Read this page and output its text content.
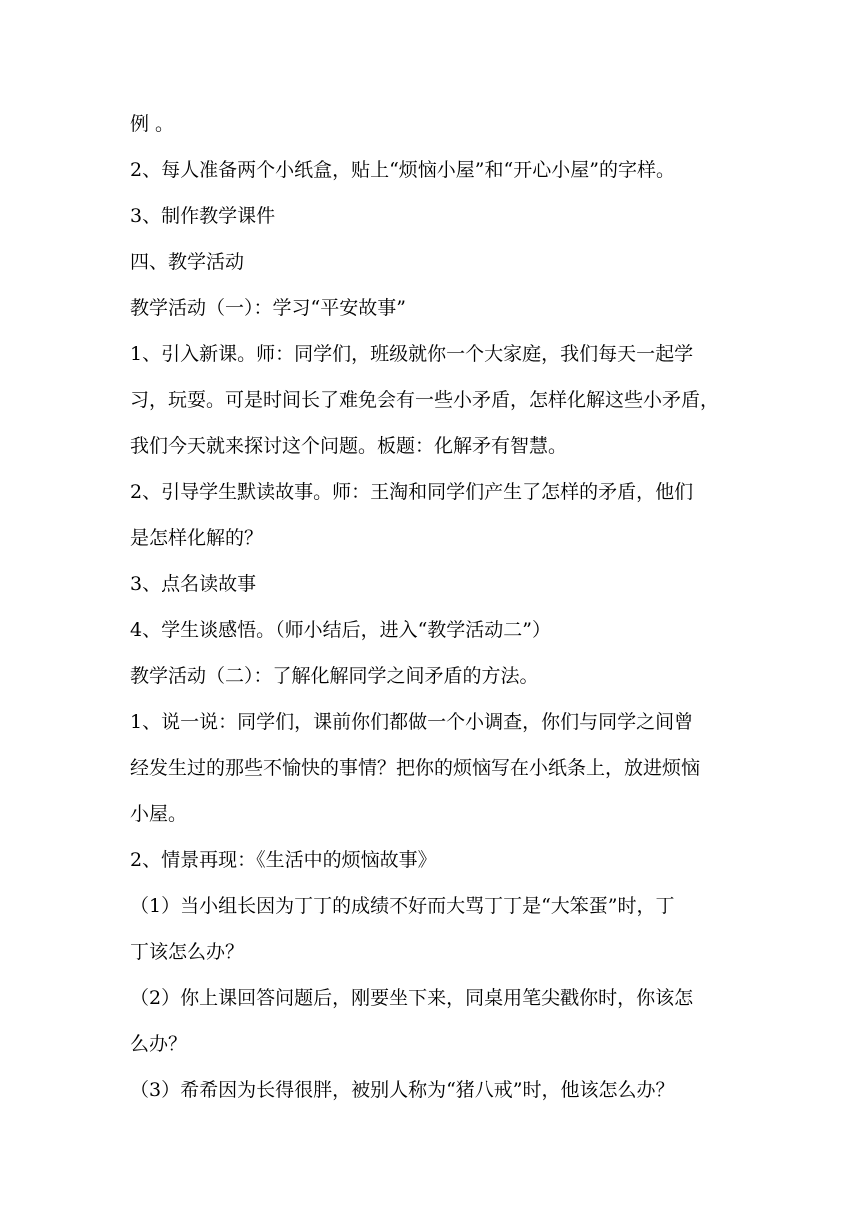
例 。

2、每人准备两个小纸盒，贴上“烦恼小屋”和“开心小屋”的字样。

3、制作教学课件

四、教学活动

教学活动（一）：学习“平安故事”

1、引入新课。师：同学们，班级就你一个大家庭，我们每天一起学

习，玩耍。可是时间长了难免会有一些小矛盾，怎样化解这些小矛盾，

我们今天就来探讨这个问题。板题：化解矛有智慧。

2、引导学生默读故事。师：王淘和同学们产生了怎样的矛盾，他们

是怎样化解的？

3、点名读故事

4、学生谈感悟。（师小结后，进入“教学活动二”）

教学活动（二）：了解化解同学之间矛盾的方法。

1、说一说：同学们，课前你们都做一个小调查，你们与同学之间曾

经发生过的那些不愉快的事情？把你的烦恼写在小纸条上，放进烦恼

小屋。

2、情景再现：《生活中的烦恼故事》

（1）当小组长因为丁丁的成绩不好而大骂丁丁是“大笨蛋”时，丁

丁该怎么办？

（2）你上课回答问题后，刚要坐下来，同桌用笔尖戳你时，你该怎

么办？

（3）希希因为长得很胖，被别人称为“猪八戒”时，他该怎么办？
